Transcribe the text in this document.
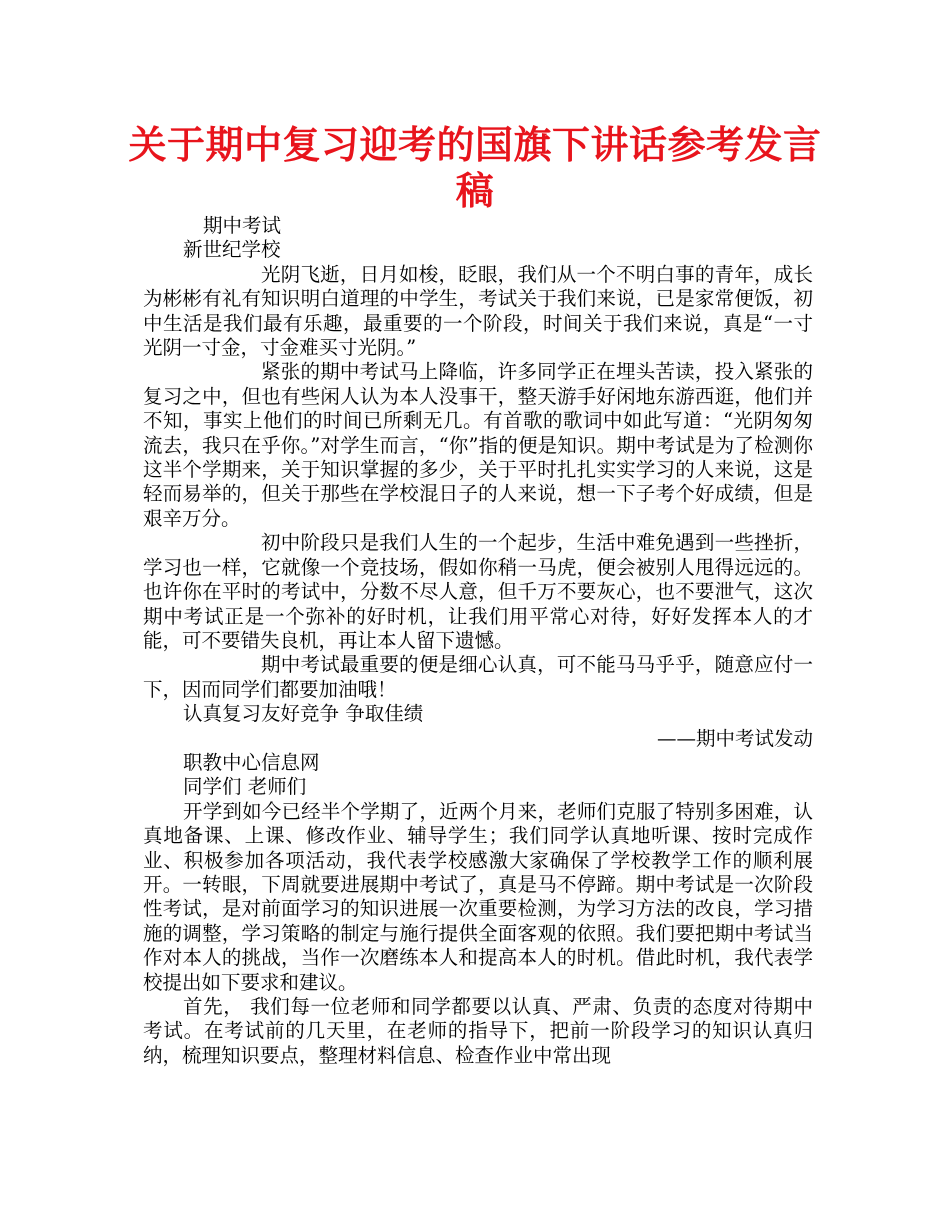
关于期中复习迎考的国旗下讲话参考发言稿

期中考试

新世纪学校

光阴飞逝，日月如梭，眨眼，我们从一个不明白事的青年，成长为彬彬有礼有知识明白道理的中学生，考试关于我们来说，已是家常便饭，初中生活是我们最有乐趣，最重要的一个阶段，时间关于我们来说，真是“一寸光阴一寸金，寸金难买寸光阴。”

紧张的期中考试马上降临，许多同学正在埋头苦读，投入紧张的复习之中，但也有些闲人认为本人没事干，整天游手好闲地东游西逛，他们并不知，事实上他们的时间已所剩无几。有首歌的歌词中如此写道：“光阴匆匆流去，我只在乎你。”对学生而言，“你”指的便是知识。期中考试是为了检测你这半个学期来，关于知识掌握的多少，关于平时扎扎实实学习的人来说，这是轻而易举的，但关于那些在学校混日子的人来说，想一下子考个好成绩，但是艰辛万分。

初中阶段只是我们人生的一个起步，生活中难免遇到一些挫折，学习也一样，它就像一个竞技场，假如你稍一马虎，便会被别人甩得远远的。也许你在平时的考试中，分数不尽人意，但千万不要灰心，也不要泄气，这次期中考试正是一个弥补的好时机，让我们用平常心对待，好好发挥本人的才能，可不要错失良机，再让本人留下遗憾。

期中考试最重要的便是细心认真，可不能马马乎乎，随意应付一下，因而同学们都要加油哦！

认真复习友好竞争 争取佳绩

——期中考试发动

职教中心信息网

同学们 老师们

开学到如今已经半个学期了，近两个月来，老师们克服了特别多困难，认真地备课、上课、修改作业、辅导学生；我们同学认真地听课、按时完成作业、积极参加各项活动，我代表学校感激大家确保了学校教学工作的顺利展开。一转眼，下周就要进展期中考试了，真是马不停蹄。期中考试是一次阶段性考试，是对前面学习的知识进展一次重要检测，为学习方法的改良，学习措施的调整，学习策略的制定与施行提供全面客观的依照。我们要把期中考试当作对本人的挑战，当作一次磨练本人和提高本人的时机。借此时机，我代表学校提出如下要求和建议。

首先， 我们每一位老师和同学都要以认真、严肃、负责的态度对待期中考试。在考试前的几天里，在老师的指导下，把前一阶段学习的知识认真归纳，梳理知识要点，整理材料信息、检查作业中常出现
